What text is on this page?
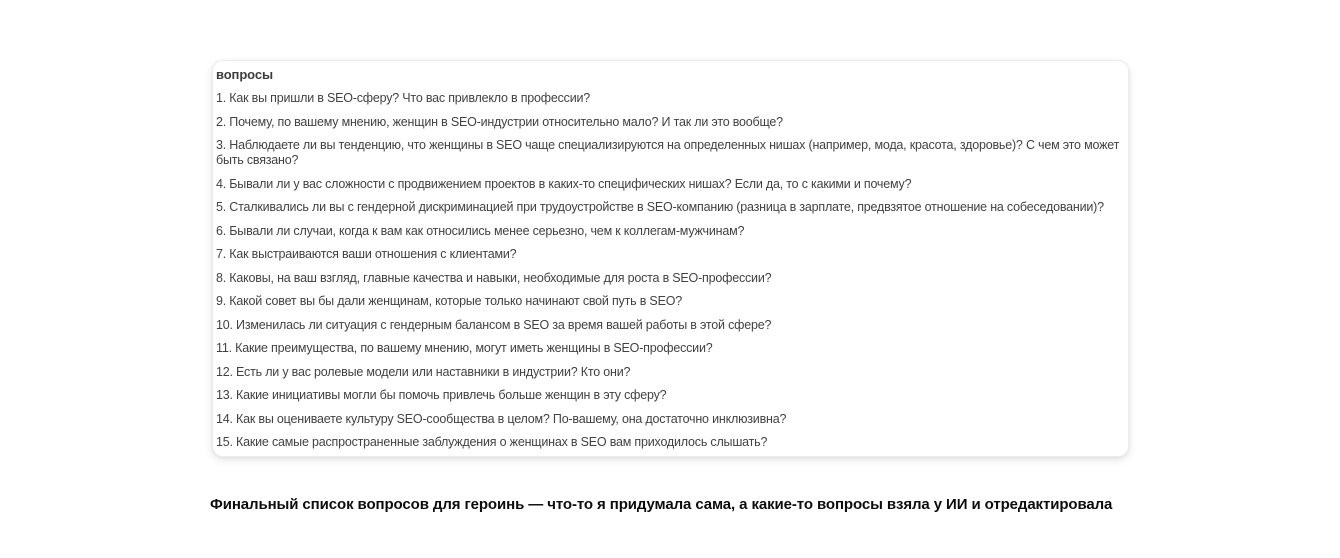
вопросы

1. Как вы пришли в SEO-сферу? Что вас привлекло в профессии?

2. Почему, по вашему мнению, женщин в SEO-индустрии относительно мало? И так ли это вообще?

3. Наблюдаете ли вы тенденцию, что женщины в SEO чаще специализируются на определенных нишах (например, мода, красота, здоровье)? С чем это может быть связано?

4. Бывали ли у вас сложности с продвижением проектов в каких-то специфических нишах? Если да, то с какими и почему?

5. Сталкивались ли вы с гендерной дискриминацией при трудоустройстве в SEO-компанию (разница в зарплате, предвзятое отношение на собеседовании)?

6. Бывали ли случаи, когда к вам как относились менее серьезно, чем к коллегам-мужчинам?

7. Как выстраиваются ваши отношения с клиентами?

8. Каковы, на ваш взгляд, главные качества и навыки, необходимые для роста в SEO-профессии?

9. Какой совет вы бы дали женщинам, которые только начинают свой путь в SEO?

10. Изменилась ли ситуация с гендерным балансом в SEO за время вашей работы в этой сфере?

11. Какие преимущества, по вашему мнению, могут иметь женщины в SEO-профессии?

12. Есть ли у вас ролевые модели или наставники в индустрии? Кто они?

13. Какие инициативы могли бы помочь привлечь больше женщин в эту сферу?

14. Как вы оцениваете культуру SEO-сообщества в целом? По-вашему, она достаточно инклюзивна?

15. Какие самые распространенные заблуждения о женщинах в SEO вам приходилось слышать?

Финальный список вопросов для героинь — что-то я придумала сама, а какие-то вопросы взяла у ИИ и отредактировала
